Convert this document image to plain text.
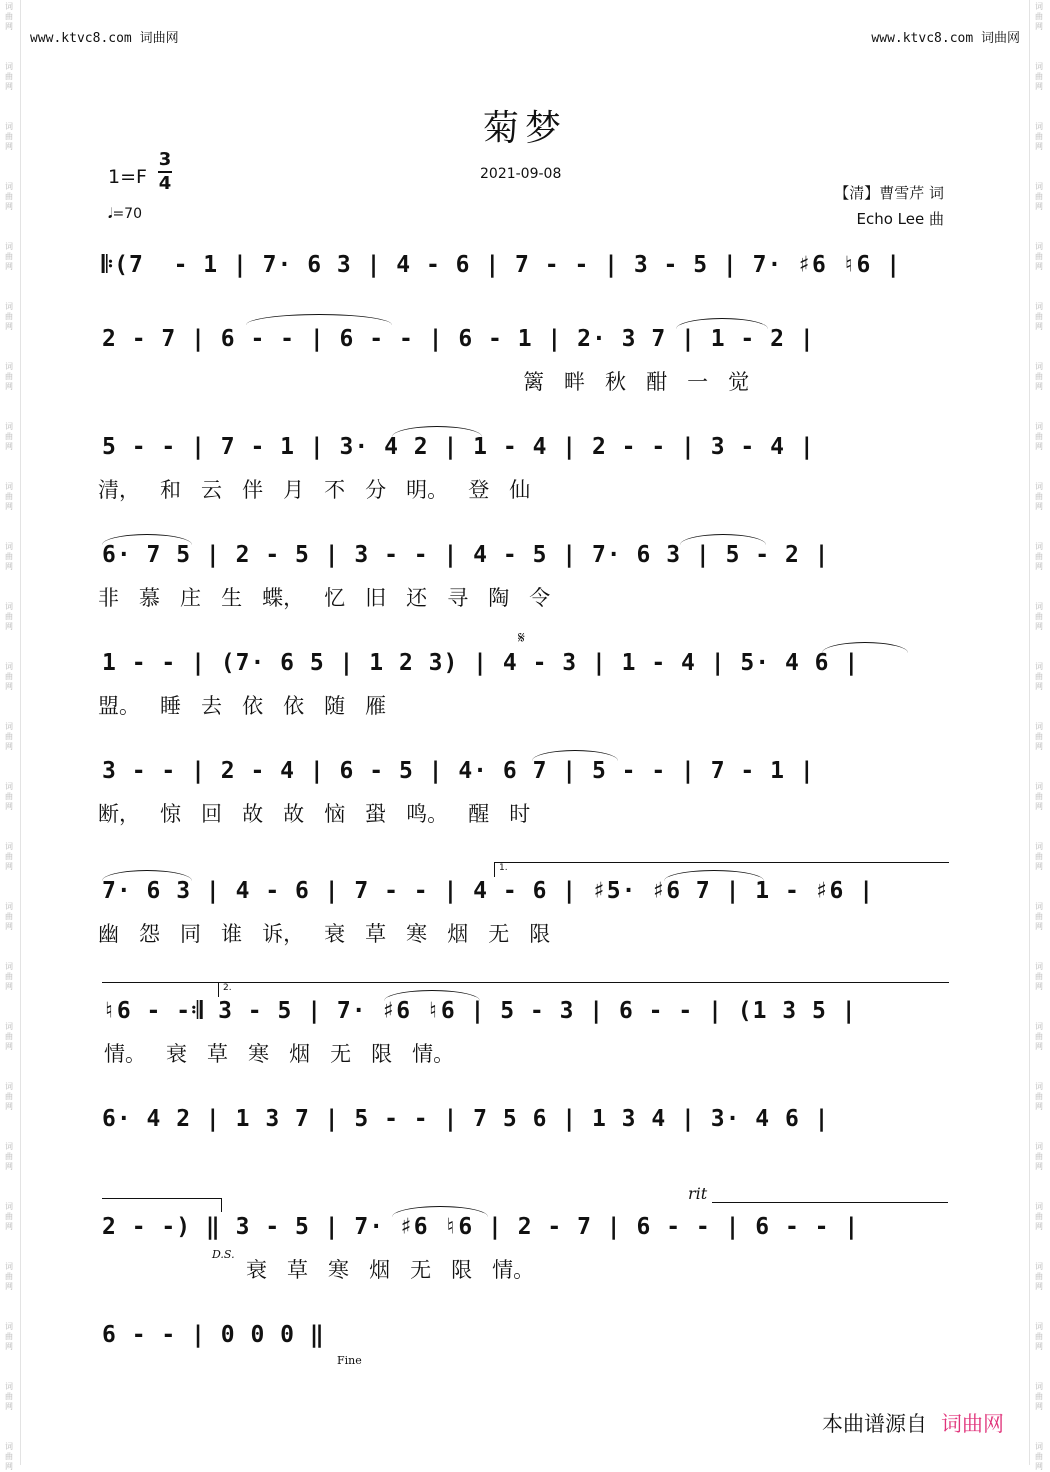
词
曲
网
词
曲
网
词
曲
网
词
曲
网
词
曲
网
词
曲
网
词
曲
网
词
曲
网
词
曲
网
词
曲
网
词
曲
网
词
曲
网
词
曲
网
词
曲
网
词
曲
网
词
曲
网
词
曲
网
词
曲
网
词
曲
网
词
曲
网
词
曲
网
词
曲
网
词
曲
网
词
曲
网
词
曲
网
词
曲
网
词
曲
网
词
曲
网
词
曲
网
词
曲
网
词
曲
网
词
曲
网
词
曲
网
词
曲
网
词
曲
网
词
曲
网
词
曲
网
词
曲
网
词
曲
网
词
曲
网
词
曲
网
词
曲
网
词
曲
网
词
曲
网
词
曲
网
词
曲
网
词
曲
网
词
曲
网
词
曲
网
词
曲
网
www.ktvc8.com 词曲网	www.ktvc8.com 词曲网
菊梦
1=F
3
4	2021-09-08
𝅘𝅥=70
【清】曹雪芹 词
Echo Lee 曲
𝄆(7  - 1 | 7· 6 3 | 4 - 6 | 7 - - | 3 - 5 | 7· ♯6 ♮6 |
2 - 7 | 6 - - | 6 - - | 6 - 1 | 2· 3 7 | 1 - 2 |
篱   畔   秋   酣   一   觉
5 - - | 7 - 1 | 3· 4 2 | 1 - 4 | 2 - - | 3 - 4 |
清，   和   云   伴   月   不   分   明。   登   仙
6· 7 5 | 2 - 5 | 3 - - | 4 - 5 | 7· 6 3 | 5 - 2 |
非   慕   庄   生   蝶，   忆   旧   还   寻   陶   令
𝄋
1 - - | (7· 6 5 | 1 2 3) | 4 - 3 | 1 - 4 | 5· 4 6 |
盟。   睡   去   依   依   随   雁
3 - - | 2 - 4 | 6 - 5 | 4· 6 7 | 5 - - | 7 - 1 |
断，   惊   回   故   故   恼   蛩   鸣。   醒   时
1.
7· 6 3 | 4 - 6 | 7 - - | 4 - 6 | ♯5· ♯6 7 | 1 - ♯6 |
幽   怨   同   谁   诉，   衰   草   寒   烟   无   限
2.
♮6 - -𝄇 3 - 5 | 7· ♯6 ♮6 | 5 - 3 | 6 - - | (1 3 5 |
情。   衰   草   寒   烟   无   限   情。
6· 4 2 | 1 3 7 | 5 - - | 7 5 6 | 1 3 4 | 3· 4 6 |
rit
2 - -) ‖ 3 - 5 | 7· ♯6 ♮6 | 2 - 7 | 6 - - | 6 - - |
D.S.
衰   草   寒   烟   无   限   情。
6 - - | 0 0 0 ‖
Fine
本曲谱源自 词曲网
